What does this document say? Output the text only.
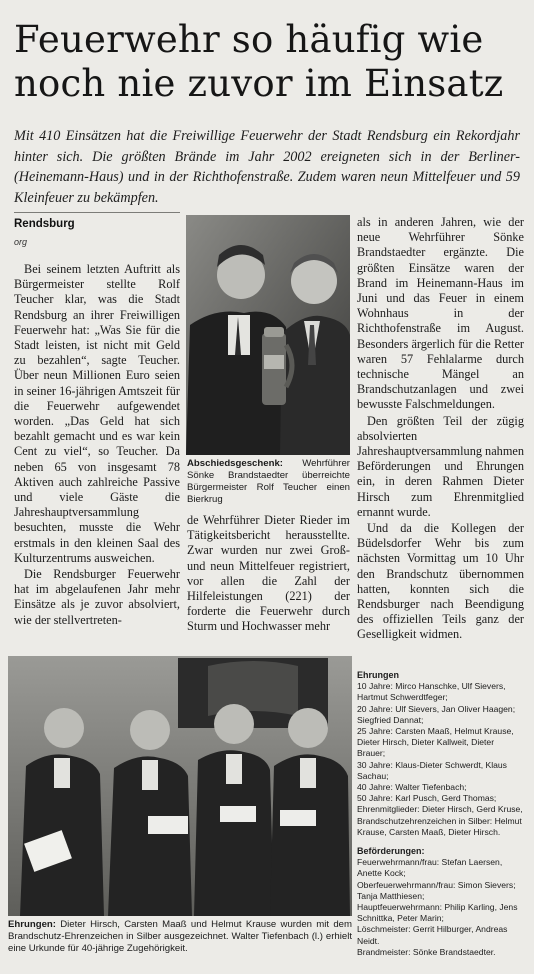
Feuerwehr so häufig wie
noch nie zuvor im Einsatz
Mit 410 Einsätzen hat die Freiwillige Feuerwehr der Stadt Rendsburg ein Rekordjahr hinter sich. Die größten Brände im Jahr 2002 ereigneten sich in der Berliner- (Heinemann-Haus) und in der Richthofenstraße. Zudem waren neun Mittelfeuer und 59 Kleinfeuer zu bekämpfen.
Rendsburg
org

Bei seinem letzten Auftritt als Bürgermeister stellte Rolf Teucher klar, was die Stadt Rendsburg an ihrer Freiwilligen Feuerwehr hat: „Was Sie für die Stadt leisten, ist nicht mit Geld zu bezahlen“, sagte Teucher. Über neun Millionen Euro seien in seiner 16-jährigen Amtszeit für die Feuerwehr aufgewendet worden. „Das Geld hat sich bezahlt gemacht und es war kein Cent zu viel“, so Teucher. Da neben 65 von insgesamt 78 Aktiven auch zahlreiche Passive und viele Gäste die Jahreshauptversammlung besuchten, musste die Wehr erstmals in den kleinen Saal des Kulturzentrums ausweichen.

Die Rendsburger Feuerwehr hat im abgelaufenen Jahr mehr Einsätze als je zuvor absolviert, wie der stellvertreten-

Abschiedsgeschenk: Wehrführer Sönke Brandstaedter überreichte Bürgermeister Rolf Teucher einen Bierkrug

de Wehrführer Dieter Rieder im Tätigkeitsbericht herausstellte. Zwar wurden nur zwei Groß- und neun Mittelfeuer registriert, vor allen die Zahl der Hilfeleistungen (221) der forderte die Feuerwehr durch Sturm und Hochwasser mehr

als in anderen Jahren, wie der neue Wehrführer Sönke Brandstaedter ergänzte. Die größten Einsätze waren der Brand im Heinemann-Haus im Juni und das Feuer in einem Wohnhaus in der Richthofenstraße im August. Besonders ärgerlich für die Retter waren 57 Fehlalarme durch technische Mängel an Brandschutzanlagen und zwei bewusste Falschmeldungen.

Den größten Teil der zügig absolvierten Jahreshauptversammlung nahmen Beförderungen und Ehrungen ein, in deren Rahmen Dieter Hirsch zum Ehrenmitglied ernannt wurde.

Und da die Kollegen der Büdelsdorfer Wehr bis zum nächsten Vormittag um 10 Uhr den Brandschutz übernommen hatten, konnten sich die Rendsburger nach Beendigung des offiziellen Teils ganz der Geselligkeit widmen.

Ehrungen
10 Jahre: Mirco Hanschke, Ulf Sievers, Hartmut Schwerdtfeger;
20 Jahre: Ulf Sievers, Jan Oliver Haagen; Siegfried Dannat;
25 Jahre: Carsten Maaß, Helmut Krause, Dieter Hirsch, Dieter Kallweit, Dieter Brauer;
30 Jahre: Klaus-Dieter Schwerdt, Klaus Sachau;
40 Jahre: Walter Tiefenbach;
50 Jahre: Karl Pusch, Gerd Thomas;
Ehrenmitglieder: Dieter Hirsch, Gerd Kruse,
Brandschutzehrenzeichen in Silber: Helmut Krause, Carsten Maaß, Dieter Hirsch.
Beförderungen:
Feuerwehrmann/frau: Stefan Laersen, Anette Kock;
Oberfeuerwehrmann/frau: Simon Sievers;
Tanja Matthiesen;
Hauptfeuerwehrmann: Philip Karling, Jens Schnittka, Peter Marin;
Löschmeister: Gerrit Hilburger, Andreas Neidt.
Brandmeister: Sönke Brandstaedter.
Ehrungen: Dieter Hirsch, Carsten Maaß und Helmut Krause wurden mit dem Brandschutz-Ehrenzeichen in Silber ausgezeichnet. Walter Tiefenbach (l.) erhielt eine Urkunde für 40-jährige Zugehörigkeit.
